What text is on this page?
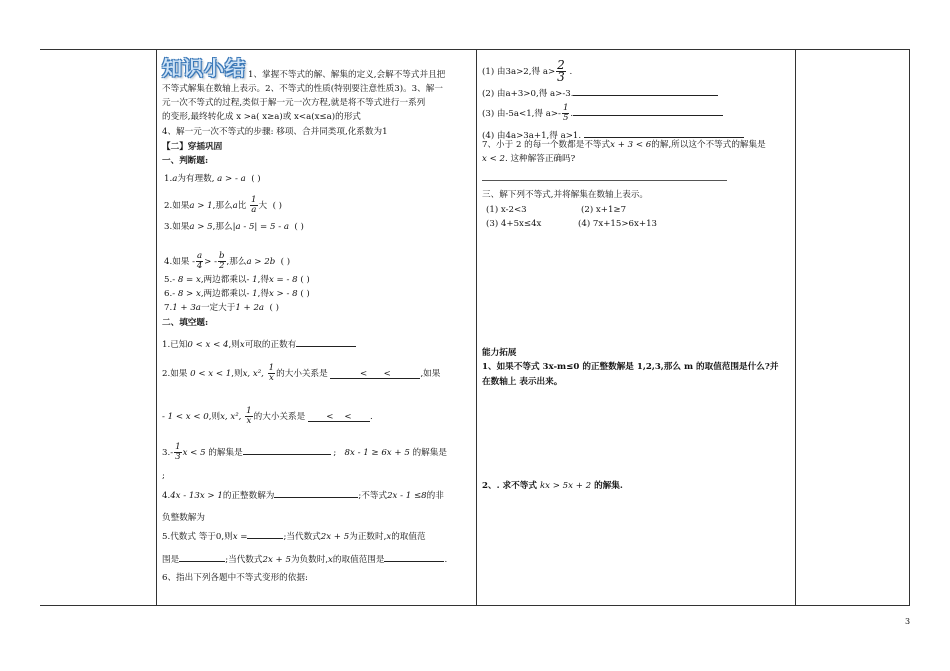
知识小结 1、掌握不等式的解、解集的定义,会解不等式并且把
不等式解集在数轴上表示。2、不等式的性质(特别要注意性质3)。3、解一
元一次不等式的过程,类似于解一元一次方程,就是将不等式进行一系列
的变形,最终转化成 x >a( x≥a)或 x<a(x≤a)的形式
4、解一元一次不等式的步骤: 移项、合并同类项,化系数为1
【二】穿插巩固
一、判断题:
1.a为有理数, a > - a ( )
2.如果a > 1,那么a比 $\frac{1}{a}$ 大 ( )
3.如果a > 5,那么|a - 5| = 5 - a ( )
4.如果 - $\frac{a}{4}$ > - $\frac{b}{2}$ ,那么a > 2b ( )
5.- 8 = x,两边都乘以- 1,得x = - 8 ( )
6.- 8 > x,两边都乘以- 1,得x > - 8 ( )
7.1 + 3a一定大于1 + 2a ( )
二、填空题:
1.已知0 < x < 4,则x可取的正数有
2.如果 0 < x < 1,则x, x², $\frac{1}{x}$ 的大小关系是	< <	,如果
- 1 < x < 0,则x, x², $\frac{1}{x}$ 的大小关系是 < < .
$3.- \frac{1}{3}$ x < 5 的解集是	; 8x - 1 ≥ 6x + 5 的解集是
;
4.4x - 13x > 1的正整数解为	;不等式2x - 1 ≤8的非
负整数解为
5.代数式 等于0,则x =	;当代数式2x + 5为正数时,x的取值范
围是	;当代数式2x + 5为负数时,x的取值范围是	.
6、指出下列各题中不等式变形的依据:
(1) 由3a>2,得 $a> \frac{2}{3}$ .
(2) 由a+3>0,得 a>-3.
(3) 由-5a<1,得 $a>- \frac{1}{5}$ .
(4) 由4a>3a+1,得 a>1.
7、小于 2 的每一个数都是不等式x + 3 < 6的解,所以这个不等式的解集是
x < 2. 这种解答正确吗?
三、解下列不等式,并将解集在数轴上表示。
(1) x-2<3	(2) x+1≥7
(3) 4+5x≤4x	(4) 7x+15>6x+13
能力拓展
1、如果不等式 3x-m≤0 的正整数解是 1,2,3,那么 m 的取值范围是什么?并
在数轴上 表示出来。
2、. 求不等式 kx > 5x + 2 的解集.
3
